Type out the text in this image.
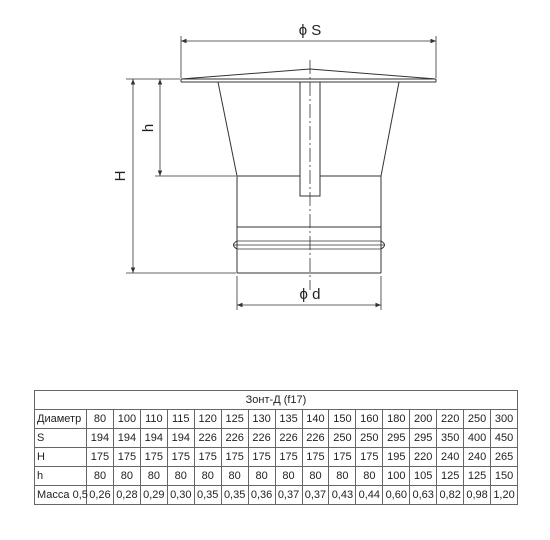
ϕ S
ϕ d
H
h
Зонт-Д (f17)																
Диаметр	80	100	110	115	120	125	130	135	140	150	160	180	200	220	250	300
S	194	194	194	194	226	226	226	226	226	250	250	295	295	350	400	450
H	175	175	175	175	175	175	175	175	175	175	175	195	220	240	240	265
h	80	80	80	80	80	80	80	80	80	80	80	100	105	125	125	150
Масса 0,5	0,26	0,28	0,29	0,30	0,35	0,35	0,36	0,37	0,37	0,43	0,44	0,60	0,63	0,82	0,98	1,20
